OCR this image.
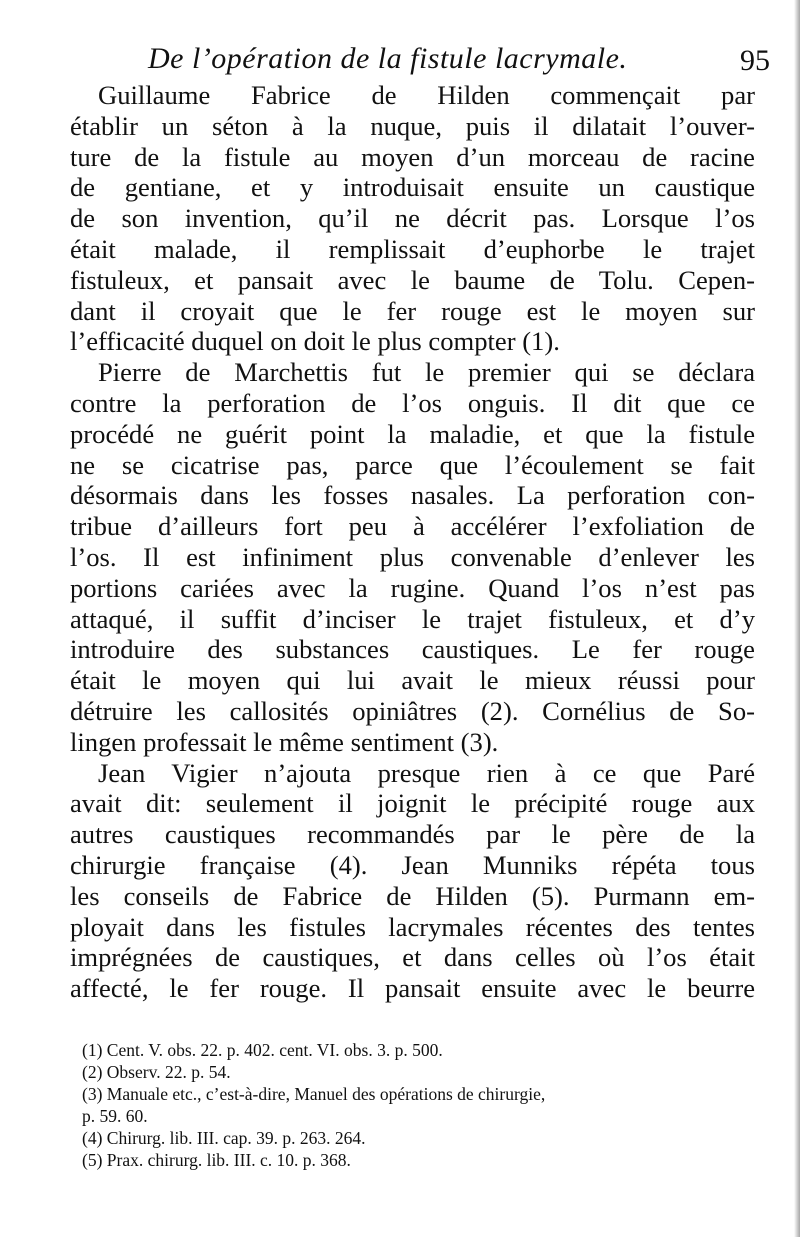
De l’opération de la fistule lacrymale.	95
Guillaume Fabrice de Hilden commençait par
établir un séton à la nuque, puis il dilatait l’ouver-
ture de la fistule au moyen d’un morceau de racine
de gentiane, et y introduisait ensuite un caustique
de son invention, qu’il ne décrit pas. Lorsque l’os
était malade, il remplissait d’euphorbe le trajet
fistuleux, et pansait avec le baume de Tolu. Cepen-
dant il croyait que le fer rouge est le moyen sur
l’efficacité duquel on doit le plus compter (1).
Pierre de Marchettis fut le premier qui se déclara
contre la perforation de l’os onguis. Il dit que ce
procédé ne guérit point la maladie, et que la fistule
ne se cicatrise pas, parce que l’écoulement se fait
désormais dans les fosses nasales. La perforation con-
tribue d’ailleurs fort peu à accélérer l’exfoliation de
l’os. Il est infiniment plus convenable d’enlever les
portions cariées avec la rugine. Quand l’os n’est pas
attaqué, il suffit d’inciser le trajet fistuleux, et d’y
introduire des substances caustiques. Le fer rouge
était le moyen qui lui avait le mieux réussi pour
détruire les callosités opiniâtres (2). Cornélius de So-
lingen professait le même sentiment (3).
Jean Vigier n’ajouta presque rien à ce que Paré
avait dit: seulement il joignit le précipité rouge aux
autres caustiques recommandés par le père de la
chirurgie française (4). Jean Munniks répéta tous
les conseils de Fabrice de Hilden (5). Purmann em-
ployait dans les fistules lacrymales récentes des tentes
imprégnées de caustiques, et dans celles où l’os était
affecté, le fer rouge. Il pansait ensuite avec le beurre
(1) Cent. V. obs. 22. p. 402. cent. VI. obs. 3. p. 500.
(2) Observ. 22. p. 54.
(3) Manuale etc., c’est-à-dire, Manuel des opérations de chirurgie,
p. 59. 60.
(4) Chirurg. lib. III. cap. 39. p. 263. 264.
(5) Prax. chirurg. lib. III. c. 10. p. 368.
